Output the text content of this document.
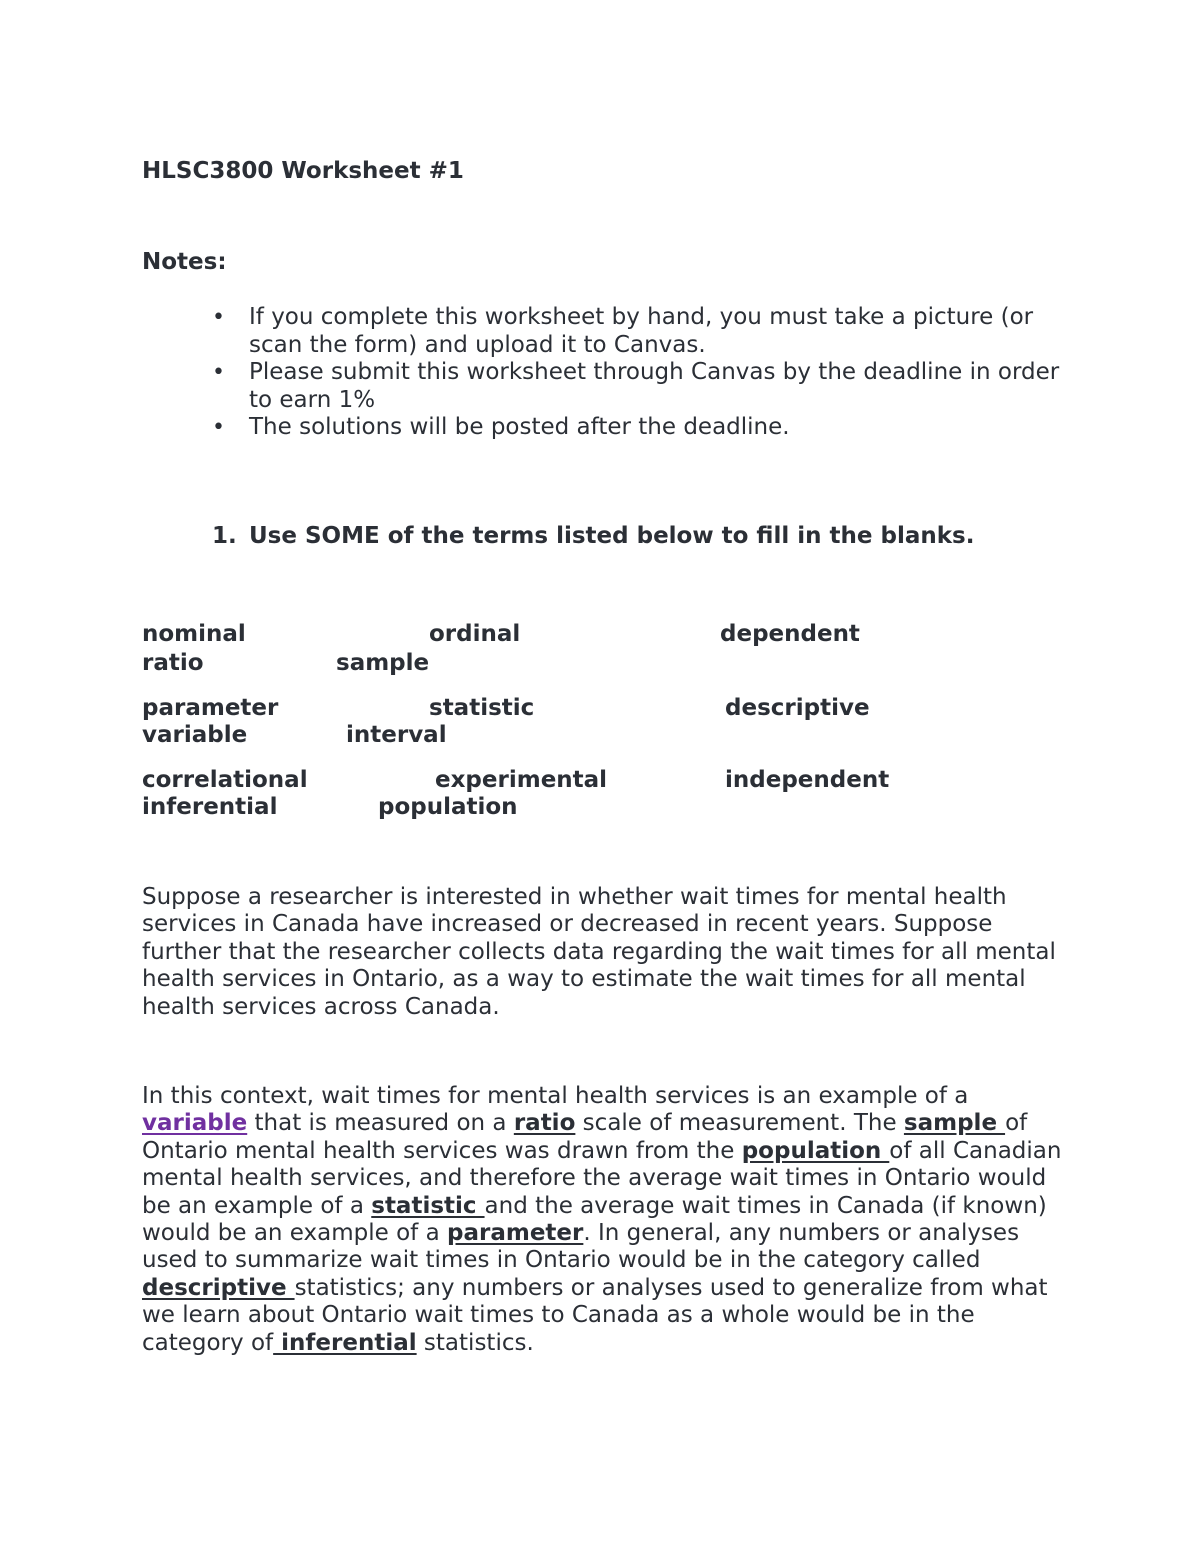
HLSC3800 Worksheet #1

Notes:

• If you complete this worksheet by hand, you must take a picture (or scan the form) and upload it to Canvas.
• Please submit this worksheet through Canvas by the deadline in order to earn 1%
• The solutions will be posted after the deadline.

1. Use SOME of the terms listed below to fill in the blanks.

nominal	ordinal	dependent
ratio	sample
parameter	statistic	descriptive
variable	interval
correlational	experimental	independent
inferential	population

Suppose a researcher is interested in whether wait times for mental health services in Canada have increased or decreased in recent years. Suppose further that the researcher collects data regarding the wait times for all mental health services in Ontario, as a way to estimate the wait times for all mental health services across Canada.

In this context, wait times for mental health services is an example of a variable that is measured on a ratio scale of measurement. The sample of Ontario mental health services was drawn from the population of all Canadian mental health services, and therefore the average wait times in Ontario would be an example of a statistic and the average wait times in Canada (if known) would be an example of a parameter. In general, any numbers or analyses used to summarize wait times in Ontario would be in the category called descriptive statistics; any numbers or analyses used to generalize from what we learn about Ontario wait times to Canada as a whole would be in the category of inferential statistics.
